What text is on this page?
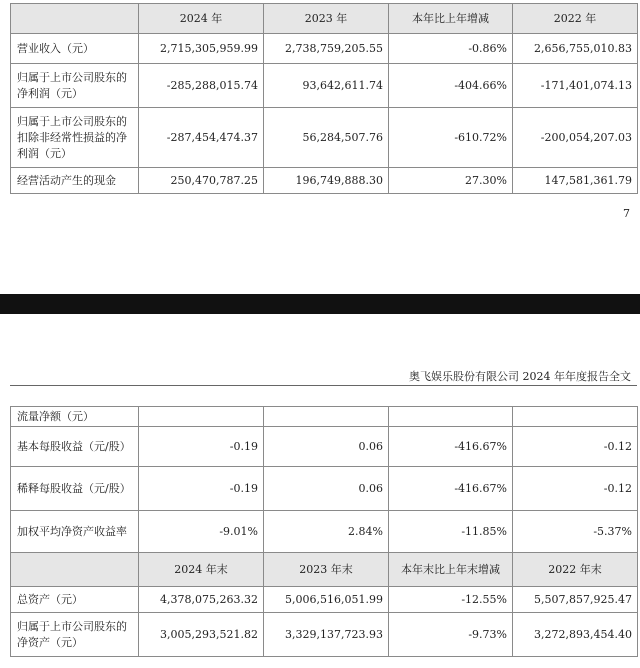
	2024 年	2023 年	本年比上年增减	2022 年
营业收入（元）	2,715,305,959.99	2,738,759,205.55	-0.86%	2,656,755,010.83
归属于上市公司股东的净利润（元）	-285,288,015.74	93,642,611.74	-404.66%	-171,401,074.13
归属于上市公司股东的扣除非经常性损益的净利润（元）	-287,454,474.37	56,284,507.76	-610.72%	-200,054,207.03
经营活动产生的现金	250,470,787.25	196,749,888.30	27.30%	147,581,361.79
7
奥飞娱乐股份有限公司 2024 年年度报告全文
流量净额（元）				
基本每股收益（元/股）	-0.19	0.06	-416.67%	-0.12
稀释每股收益（元/股）	-0.19	0.06	-416.67%	-0.12
加权平均净资产收益率	-9.01%	2.84%	-11.85%	-5.37%
	2024 年末	2023 年末	本年末比上年末增减	2022 年末
总资产（元）	4,378,075,263.32	5,006,516,051.99	-12.55%	5,507,857,925.47
归属于上市公司股东的净资产（元）	3,005,293,521.82	3,329,137,723.93	-9.73%	3,272,893,454.40
